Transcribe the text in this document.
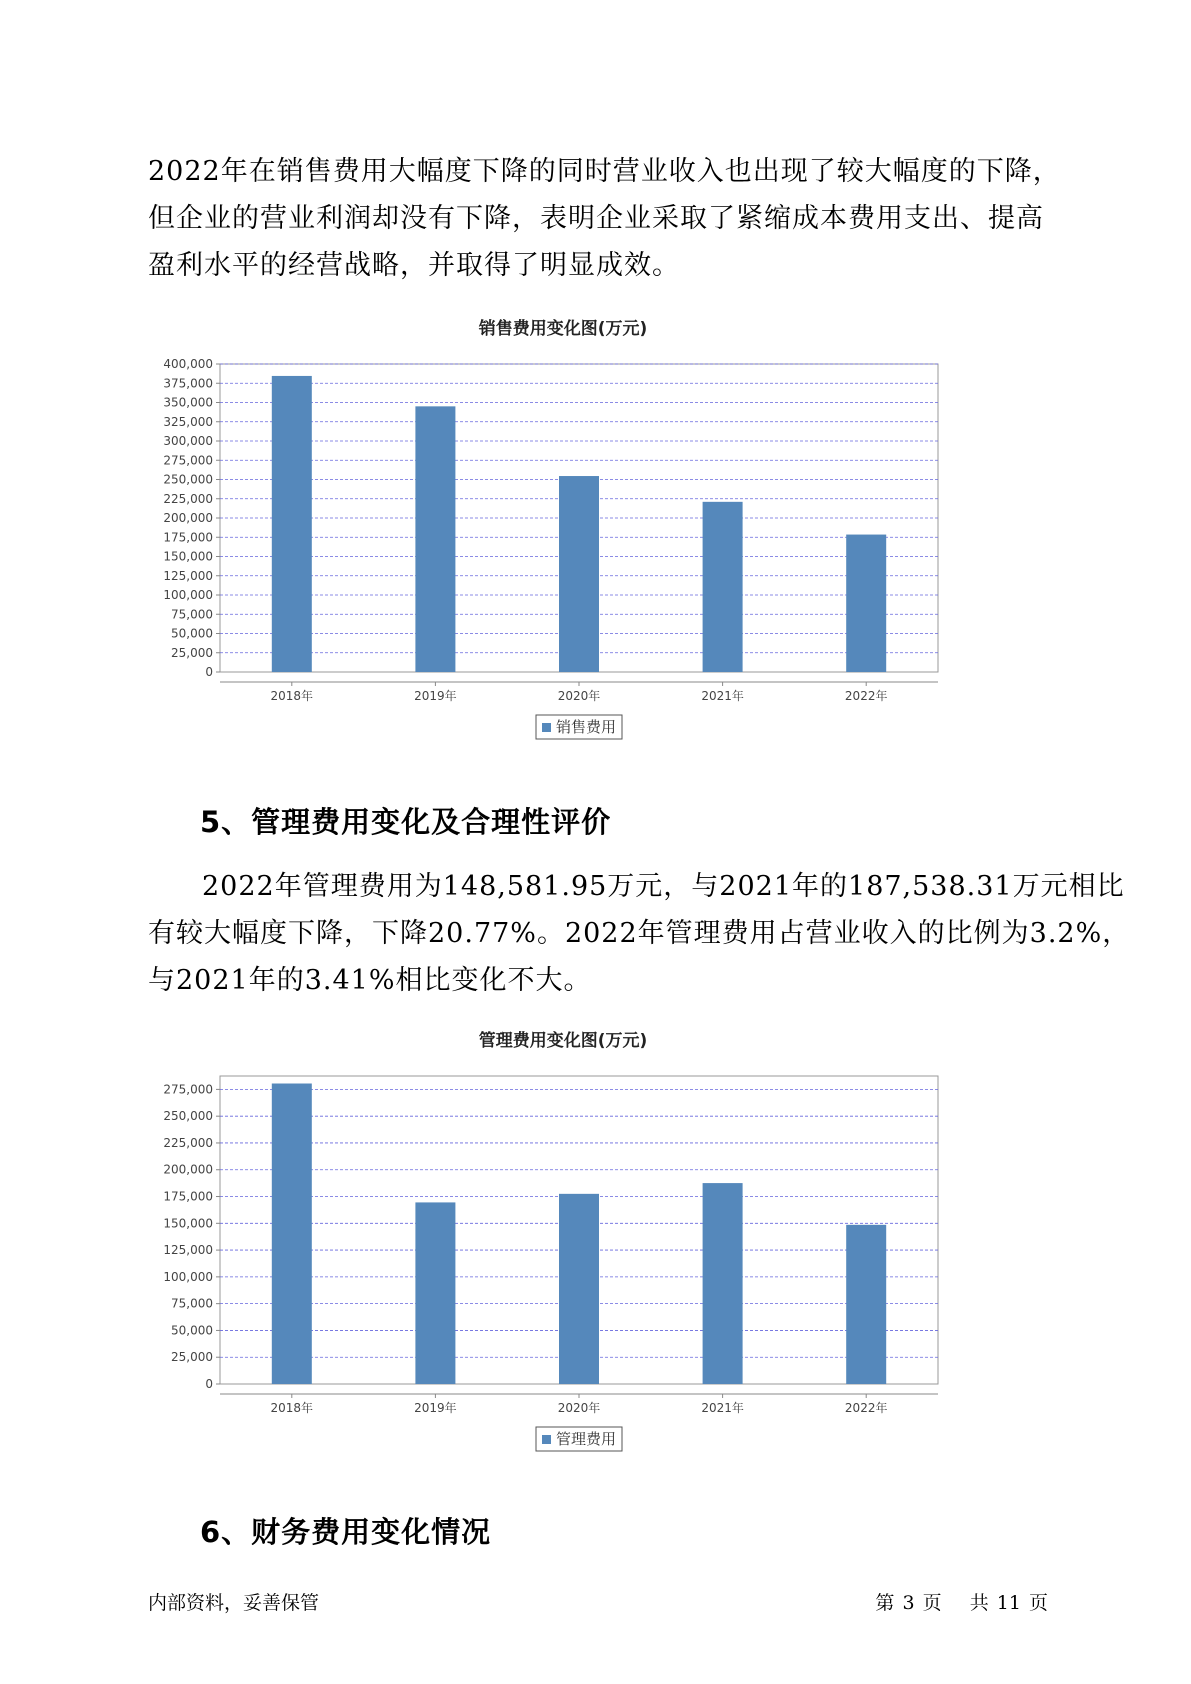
2022年在销售费用大幅度下降的同时营业收入也出现了较大幅度的下降，
但企业的营业利润却没有下降，表明企业采取了紧缩成本费用支出、提高
盈利水平的经营战略，并取得了明显成效。
销售费用变化图(万元)
0
25,000
50,000
75,000
100,000
125,000
150,000
175,000
200,000
225,000
250,000
275,000
300,000
325,000
350,000
375,000
400,000
2018年	2019年	2020年	2021年	2022年
销售费用
5、管理费用变化及合理性评价
2022年管理费用为148,581.95万元，与2021年的187,538.31万元相比
有较大幅度下降，下降20.77%。2022年管理费用占营业收入的比例为3.2%，
与2021年的3.41%相比变化不大。
管理费用变化图(万元)
0
25,000
50,000
75,000
100,000
125,000
150,000
175,000
200,000
225,000
250,000
275,000
2018年	2019年	2020年	2021年	2022年
管理费用
6、财务费用变化情况
内部资料，妥善保管	第 3 页 共 11 页
